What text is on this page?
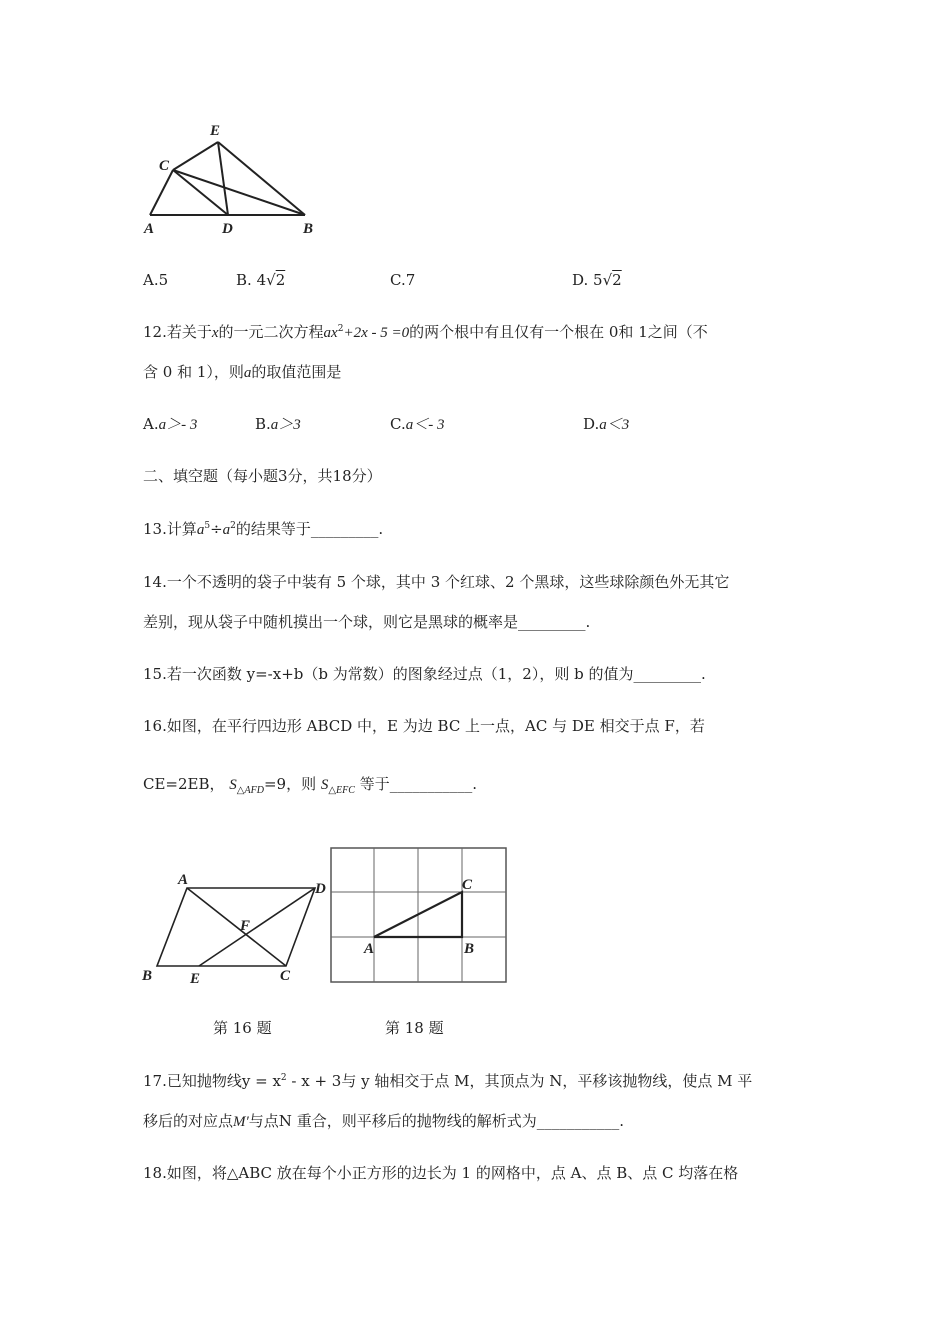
E
C
A	D	B
A.5	B. 4√2	C.7	D. 5√2
12.若关于x的一元二次方程$ax^2+2x - 5 =0$的两个根中有且仅有一个根在 0和 1之间（不
含 0 和 1），则a的取值范围是
A.a＞- 3	B.a＞3	C.a＜- 3	D.a＜3
二、填空题（每小题3分，共18分）
13.计算$a^5\div a^2$的结果等于_________.
14.一个不透明的袋子中装有 5 个球，其中 3 个红球、2 个黑球，这些球除颜色外无其它
差别，现从袋子中随机摸出一个球，则它是黑球的概率是_________.
15.若一次函数 y=-x+b（b 为常数）的图象经过点（1，2），则 b 的值为_________.
16.如图，在平行四边形 ABCD 中，E 为边 BC 上一点，AC 与 DE 相交于点 F，若
CE=2EB， $S_{\triangle AFD}=9$，则 $S_{\triangle EFC}$ 等于___________.
A
D
F
B	E	C
C
A	B
第 16 题	第 18 题
17.已知抛物线$y = x^2 - x + 3$与 y 轴相交于点 M，其顶点为 N，平移该抛物线，使点 M 平
移后的对应点M′与点N 重合，则平移后的抛物线的解析式为___________.
18.如图，将△ABC 放在每个小正方形的边长为 1 的网格中，点 A、点 B、点 C 均落在格
